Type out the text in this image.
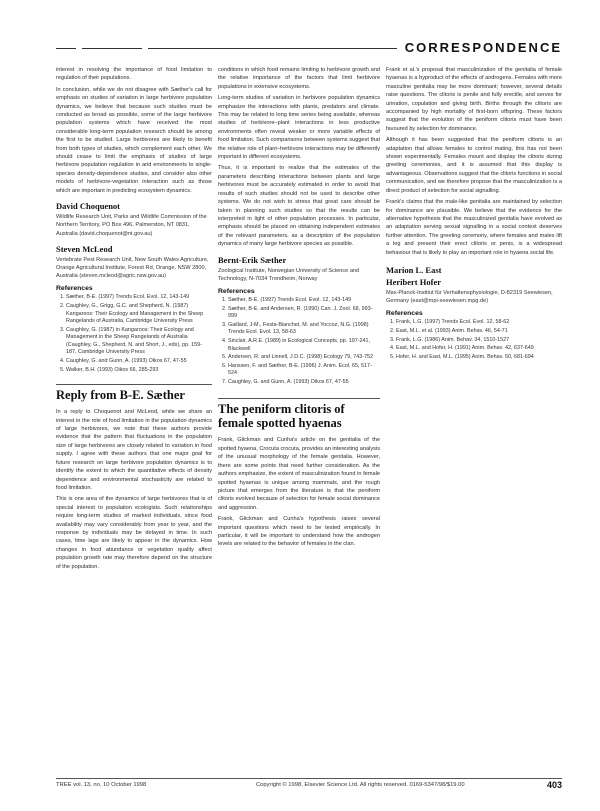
CORRESPONDENCE

interest in resolving the importance of food limitation to regulation of their populations.

In conclusion, while we do not disagree with Sæther's call for emphasis on studies of variation in large herbivore population dynamics, we believe that because such studies must be conducted as broad as possible, some of the large herbivore population systems which have received the most considerable long-term population research should be among the first to be studied. Large herbivores are likely to benefit from both types of studies, which complement each other. We should cease to limit the emphasis of studies of large herbivore population regulation in arid environments to single-species density-dependence studies, and consider also other models of herbivore-vegetation interaction such as those which are important in predicting ecosystem dynamics.

David Choquenot
Wildlife Research Unit, Parks and Wildlife Commission of the Northern Territory, PO Box 496, Palmerston, NT 0831, Australia (david.choquenot@nt.gov.au)
Steven McLeod
Vertebrate Pest Research Unit, New South Wales Agriculture, Orange Agricultural Institute, Forest Rd, Orange, NSW 2800, Australia (steven.mcleod@agric.nsw.gov.au)
References
1. Sæther, B-E. (1997) Trends Ecol. Evol. 12, 143-149
2. Caughley, G., Grigg, G.C. and Shepherd, N. (1987) Kangaroos: Their Ecology and Management in the Sheep Rangelands of Australia, Cambridge University Press
3. Caughley, G. (1987) in Kangaroos: Their Ecology and Management in the Sheep Rangelands of Australia (Caughley, G., Shepherd, N. and Short, J., eds), pp. 159-187, Cambridge University Press
4. Caughley, G. and Gunn, A. (1993) Oikos 67, 47-55
5. Walker, B.H. (1993) Oikos 66, 285-293
Reply from B-E. Sæther

In a reply to Choquenot and McLeod, while we share an interest in the role of food limitation in the population dynamics of large herbivores, we note that these authors provide evidence that the pattern that fluctuations in the population size of large herbivores are closely related to variation in food supply. I agree with these authors that one major goal for future research on large herbivore population dynamics is to identify the extent to which the quantitative effects of density dependence and environmental stochasticity are related to food limitation.

This is one area of the dynamics of large herbivores that is of special interest to population ecologists. Such relationships require long-term studies of marked individuals, since food availability may vary considerably from year to year, and the response by individuals may be delayed in time. In such cases, time lags are likely to appear in the dynamics. How changes in food abundance or vegetation quality affect population growth rate may therefore depend on the structure of the population.

conditions in which food remains limiting to herbivore growth and the relative importance of the factors that limit herbivore populations in extensive ecosystems.

Long-term studies of variation in herbivore population dynamics emphasize the interactions with plants, predators and climate. This may be related to long time series being available, whereas studies of herbivore–plant interactions in less productive environments often reveal weaker or more variable effects of food limitation. Such comparisons between systems suggest that the relative role of plant–herbivore interactions may be differently important in different ecosystems.

Thus, it is important to realize that the estimates of the parameters describing interactions between plants and large herbivores must be accurately estimated in order to avoid that results of such studies should not be used to describe other systems. We do not wish to stress that great care should be taken in planning such studies so that the results can be interpreted in light of other population processes. In particular, emphasis should be placed on obtaining independent estimates of the relevant parameters, as a description of the population dynamics of many large herbivore species as possible.

Bernt-Erik Sæther
Zoological Institute, Norwegian University of Science and Technology, N-7034 Trondheim, Norway
References
1. Sæther, B-E. (1997) Trends Ecol. Evol. 12, 143-149
2. Sæther, B-E. and Andersen, R. (1990) Can. J. Zool. 68, 993-999
3. Gaillard, J-M., Festa-Bianchet, M. and Yoccoz, N.G. (1998) Trends Ecol. Evol. 13, 58-63
4. Sinclair, A.R.E. (1989) in Ecological Concepts, pp. 197-241, Blackwell
5. Andersen, R. and Linnell, J.D.C. (1998) Ecology 79, 743-752
6. Hanssen, F. and Sæther, B-E. (1996) J. Anim. Ecol. 65, 517-524
7. Caughley, G. and Gunn, A. (1993) Oikos 67, 47-55
The peniform clitoris of female spotted hyaenas

Frank, Glickman and Cunha's article on the genitalia of the spotted hyaena, Crocuta crocuta, provides an interesting analysis of the unusual morphology of the female genitalia. However, there are some points that need further consideration. As the authors emphasize, the extent of masculinization found in female spotted hyaenas is unique among mammals, and the rough picture that emerges from the literature is that the peniform clitoris evolved because of selection for female social dominance and aggression.

Frank, Glickman and Cunha's hypothesis raises several important questions which need to be tested empirically. In particular, it will be important to understand how the androgen levels are related to the behavior of females in the clan.

Frank et al.'s proposal that masculinization of the genitalia of female hyaenas is a byproduct of the effects of androgens. Females with more masculine genitalia may be more dominant; however, several details raise questions. The clitoris is penile and fully erectile, and serves for urination, copulation and giving birth. Births through the clitoris are accompanied by high mortality of first-born offspring. These factors suggest that the evolution of the peniform clitoris must have been favoured by selection for dominance.

Although it has been suggested that the peniform clitoris is an adaptation that allows females to control mating, this has not been shown experimentally. Females mount and display the clitoris during greeting ceremonies, and it is assumed that this display is advantageous. Observations suggest that the clitoris functions in social communication, and we therefore propose that the masculinization is a direct product of selection for social signalling.

Frank's claims that the male-like genitalia are maintained by selection for dominance are plausible. We believe that the evidence for the alternative hypothesis that the masculinized genitalia have evolved as an adaptation serving sexual signalling in a social context deserves further attention. The greeting ceremony, where females and males lift a leg and present their erect clitoris or penis, is a widespread behaviour that is likely to play an important role in hyaena social life.

Marion L. East
Heribert Hofer
Max-Planck-Institut für Verhaltensphysiologie, D-82319 Seewiesen, Germany (east@mpi-seewiesen.mpg.de)
References
1. Frank, L.G. (1997) Trends Ecol. Evol. 12, 58-62
2. East, M.L. et al. (1993) Anim. Behav. 46, 54-71
3. Frank, L.G. (1986) Anim. Behav. 34, 1510-1527
4. East, M.L. and Hofer, H. (1991) Anim. Behav. 42, 637-649
5. Hofer, H. and East, M.L. (1995) Anim. Behav. 50, 681-694
TREE vol. 13, no. 10 October 1998	Copyright © 1998, Elsevier Science Ltd. All rights reserved. 0169-5347/98/$19.00	403
